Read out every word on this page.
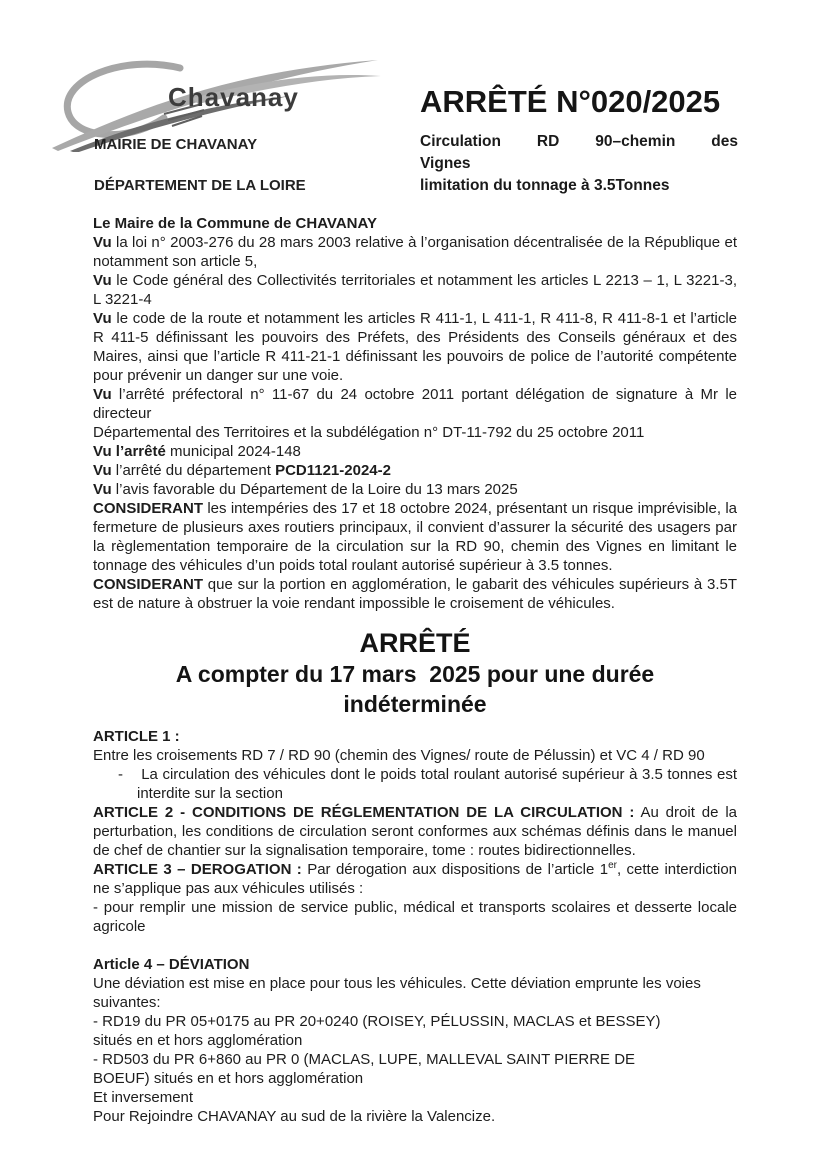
Chavanay
MAIRIE DE CHAVANAY
DÉPARTEMENT DE LA LOIRE
ARRÊTÉ N°020/2025
Circulation RD 90–chemin des
Vignes
limitation du tonnage à 3.5Tonnes

Le Maire de la Commune de CHAVANAY

Vu la loi n° 2003-276 du 28 mars 2003 relative à l’organisation décentralisée de la République et notamment son article 5,

Vu le Code général des Collectivités territoriales et notamment les articles L 2213 – 1, L 3221-3, L 3221-4

Vu le code de la route et notamment les articles R 411-1, L 411-1, R 411-8, R 411-8-1 et l’article R 411-5 définissant les pouvoirs des Préfets, des Présidents des Conseils généraux et des Maires, ainsi que l’article R 411-21-1 définissant les pouvoirs de police de l’autorité compétente pour prévenir un danger sur une voie.

Vu l’arrêté préfectoral n° 11-67 du 24 octobre 2011 portant délégation de signature à Mr le directeur

Départemental des Territoires et la subdélégation n° DT-11-792 du 25 octobre 2011

Vu l’arrêté municipal 2024-148

Vu l’arrêté du département PCD1121-2024-2

Vu l’avis favorable du Département de la Loire du 13 mars 2025

CONSIDERANT les intempéries des 17 et 18 octobre 2024, présentant un risque imprévisible, la fermeture de plusieurs axes routiers principaux, il convient d’assurer la sécurité des usagers par la règlementation temporaire de la circulation sur la RD 90, chemin des Vignes en limitant le tonnage des véhicules d’un poids total roulant autorisé supérieur à 3.5 tonnes.

CONSIDERANT que sur la portion en agglomération, le gabarit des véhicules supérieurs à 3.5T est de nature à obstruer la voie rendant impossible le croisement de véhicules.

ARRÊTÉ
A compter du 17 mars  2025 pour une durée
indéterminée

ARTICLE 1 :

Entre les croisements RD 7 / RD 90 (chemin des Vignes/ route de Pélussin) et VC 4 / RD 90

-    La circulation des véhicules dont le poids total roulant autorisé supérieur à 3.5 tonnes est interdite sur la section

ARTICLE 2 - CONDITIONS DE RÉGLEMENTATION DE LA CIRCULATION : Au droit de la perturbation, les conditions de circulation seront conformes aux schémas définis dans le manuel de chef de chantier sur la signalisation temporaire, tome : routes bidirectionnelles.

ARTICLE 3 – DEROGATION : Par dérogation aux dispositions de l’article 1er, cette interdiction ne s’applique pas aux véhicules utilisés :

- pour remplir une mission de service public, médical et transports scolaires et desserte locale agricole

Article 4 – DÉVIATION

Une déviation est mise en place pour tous les véhicules. Cette déviation emprunte les voies suivantes:

- RD19 du PR 05+0175 au PR 20+0240 (ROISEY, PÉLUSSIN, MACLAS et BESSEY)
situés en et hors agglomération

- RD503 du PR 6+860 au PR 0 (MACLAS, LUPE, MALLEVAL SAINT PIERRE DE
BOEUF) situés en et hors agglomération

Et inversement

Pour Rejoindre CHAVANAY au sud de la rivière la Valencize.
